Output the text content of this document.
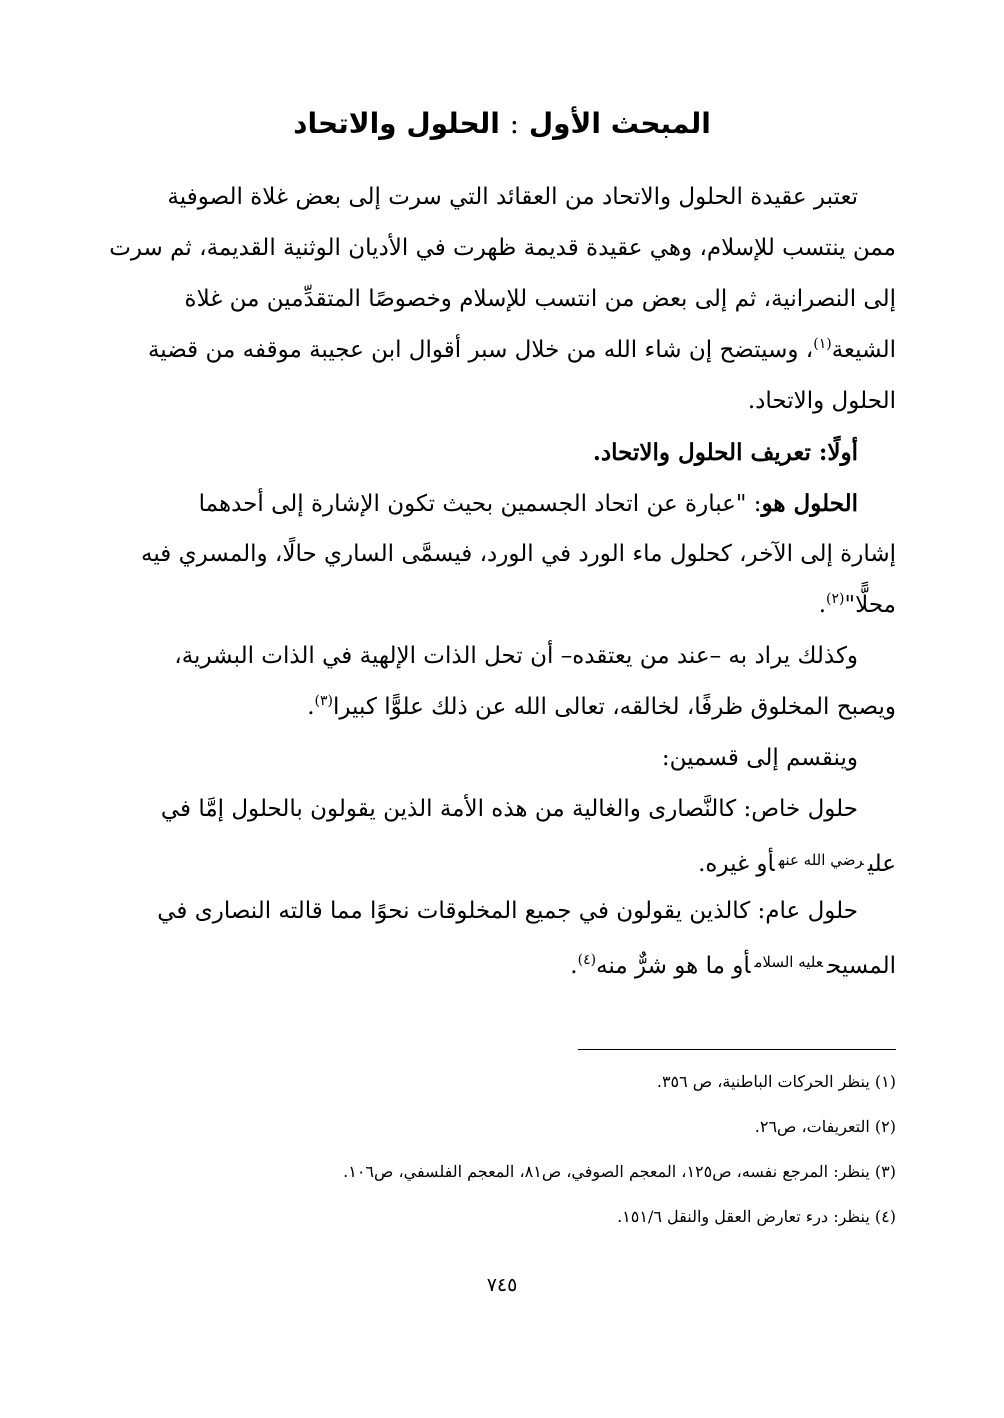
المبحث الأول : الحلول والاتحاد

تعتبر عقيدة الحلول والاتحاد من العقائد التي سرت إلى بعض غلاة الصوفية
ممن ينتسب للإسلام، وهي عقيدة قديمة ظهرت في الأديان الوثنية القديمة، ثم سرت
إلى النصرانية، ثم إلى بعض من انتسب للإسلام وخصوصًا المتقدِّمين من غلاة
الشيعة$^{(١)}$، وسيتضح إن شاء الله من خلال سبر أقوال ابن عجيبة موقفه من قضية
الحلول والاتحاد.

أولًا: تعريف الحلول والاتحاد.

الحلول هو: "عبارة عن اتحاد الجسمين بحيث تكون الإشارة إلى أحدهما
إشارة إلى الآخر، كحلول ماء الورد في الورد، فيسمَّى الساري حالًا، والمسري فيه
محلًّا"$^{(٢)}$.

وكذلك يراد به –عند من يعتقده– أن تحل الذات الإلهية في الذات البشرية،
ويصبح المخلوق ظرفًا، لخالقه، تعالى الله عن ذلك علوًّا كبيرا$^{(٣)}$.

وينقسم إلى قسمين:

حلول خاص: كالنَّصارى والغالية من هذه الأمة الذين يقولون بالحلول إمَّا في
علي$^{رضي الله عنه}$أو غيره.

حلول عام: كالذين يقولون في جميع المخلوقات نحوًا مما قالته النصارى في
المسيح$^{عليه السلام}$أو ما هو شرٌّ منه$^{(٤)}$.

(١) ينظر الحركات الباطنية، ص ٣٥٦.
(٢) التعريفات، ص٢٦.
(٣) ينظر: المرجع نفسه، ص١٢٥، المعجم الصوفي، ص٨١، المعجم الفلسفي، ص١٠٦.
(٤) ينظر: درء تعارض العقل والنقل ١٥١/٦.
٧٤٥
